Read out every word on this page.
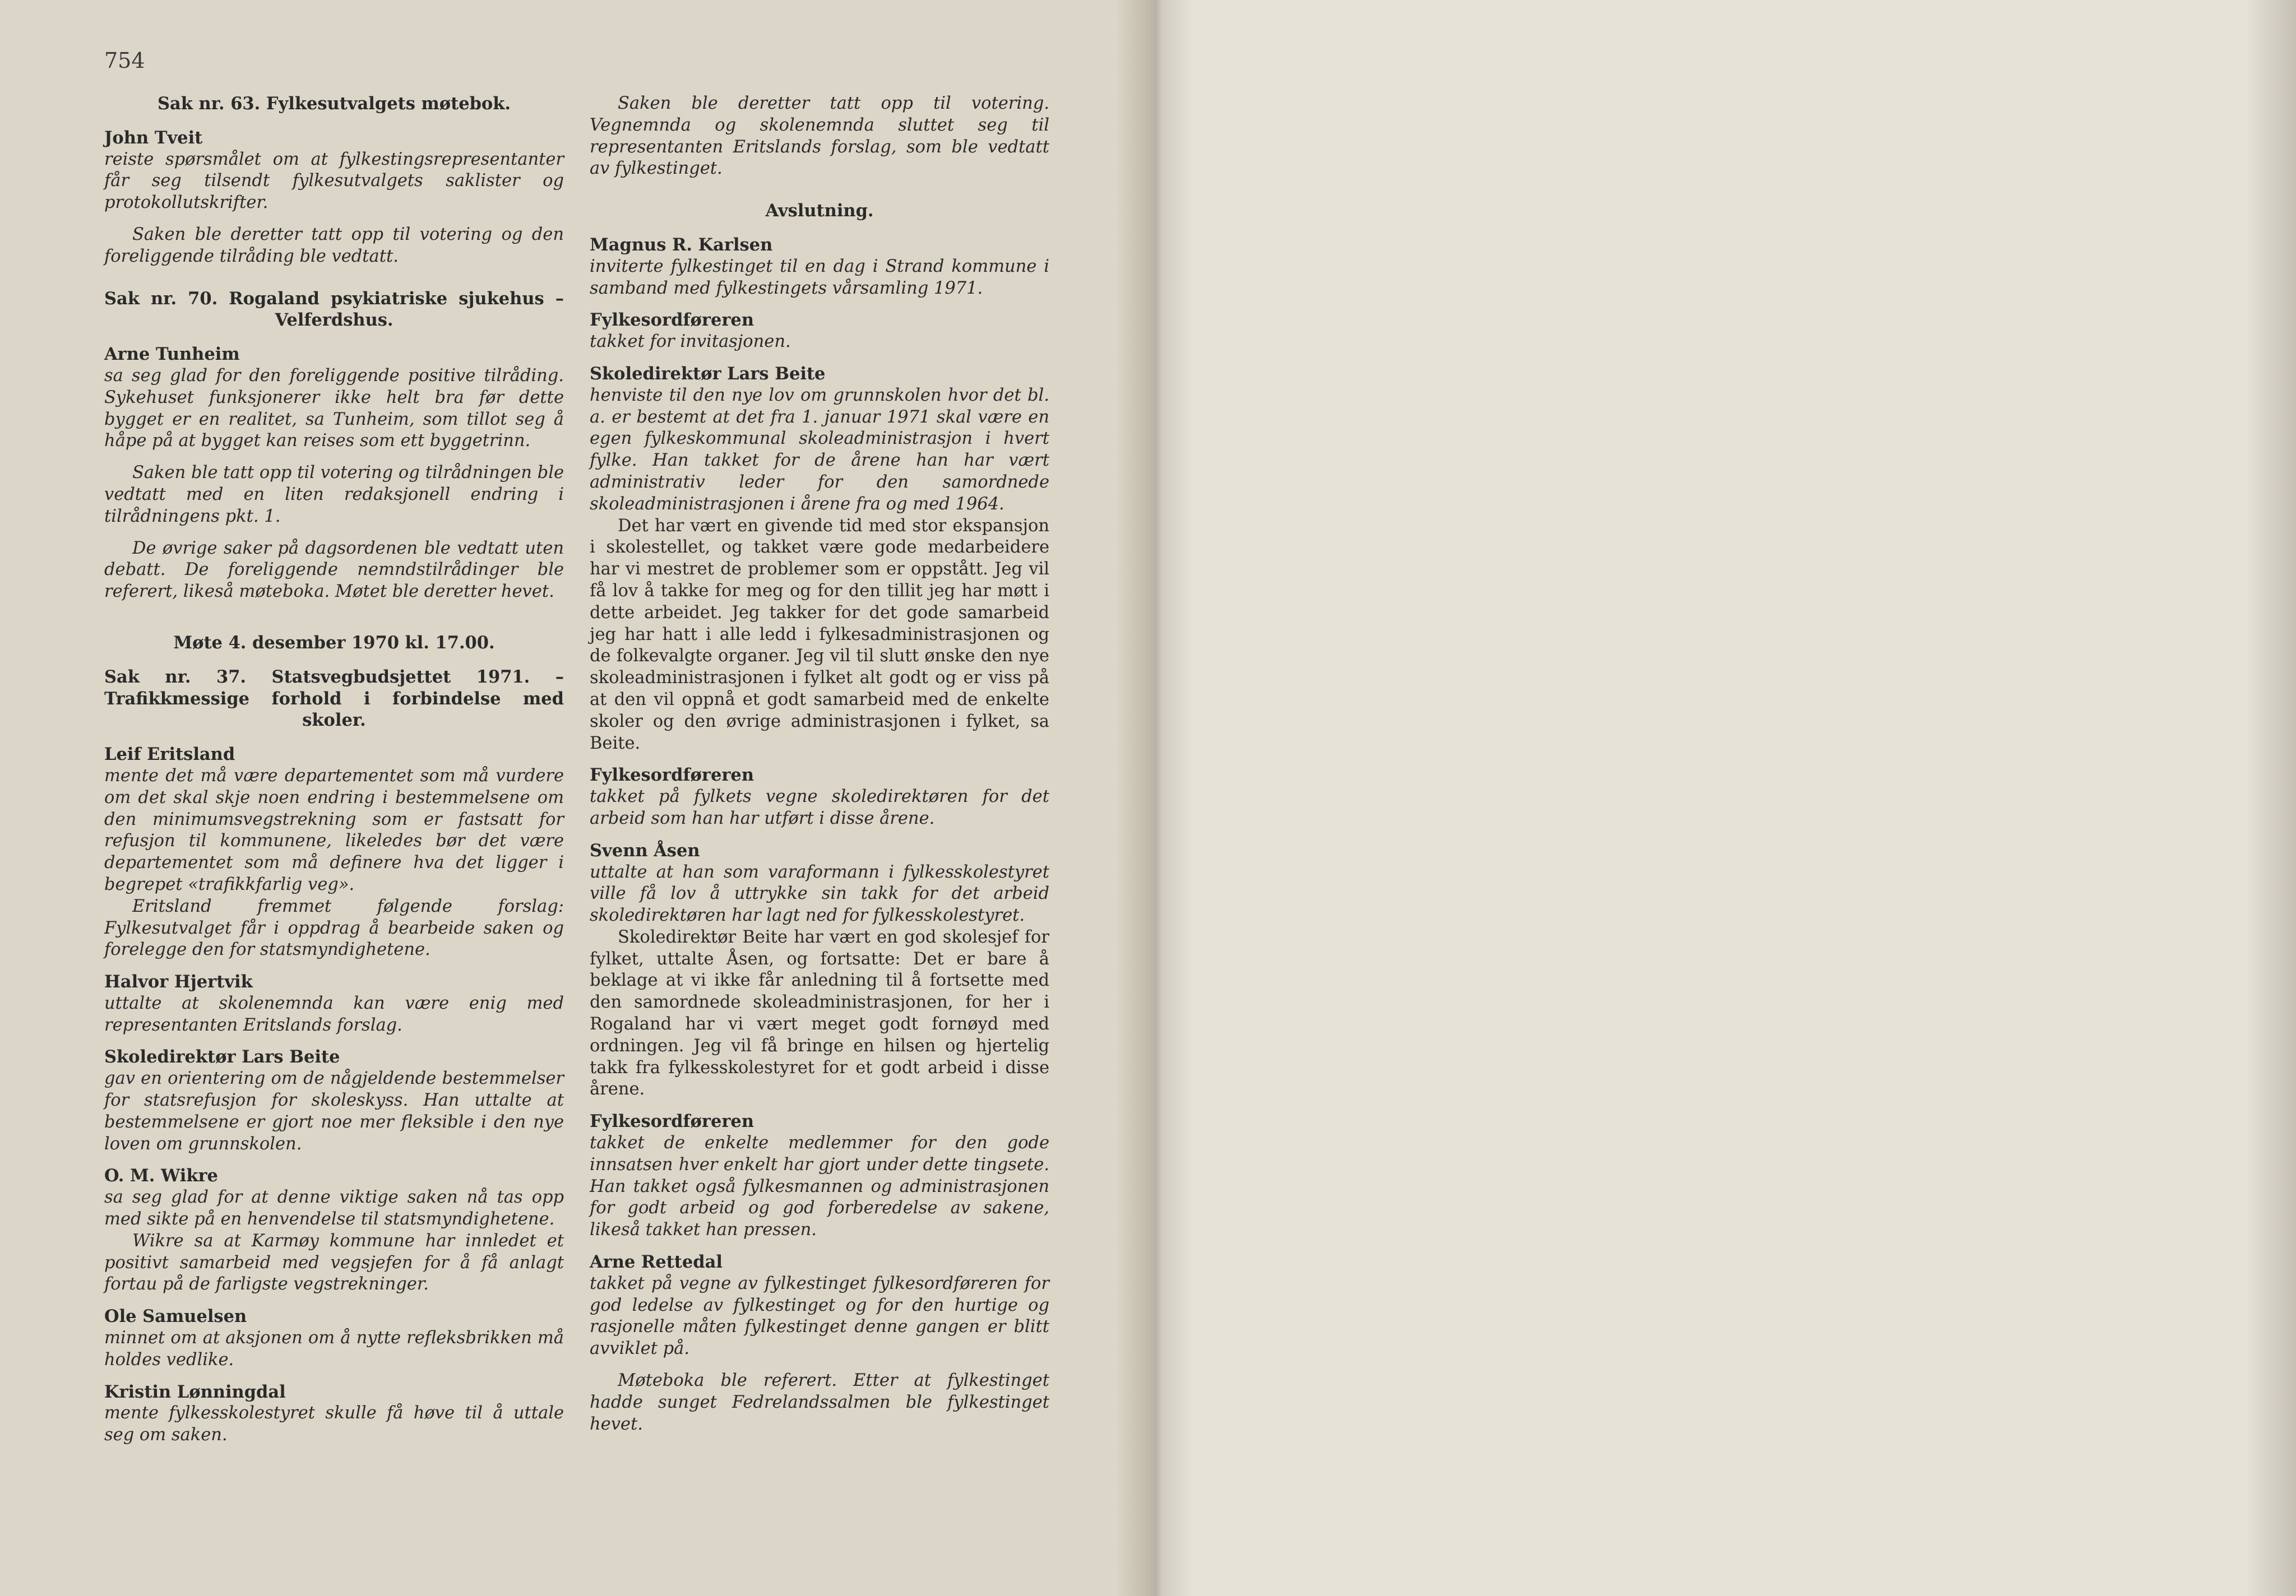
754

Sak nr. 63. Fylkesutvalgets møtebok.

John Tveit

reiste spørsmålet om at fylkestingsrepresentanter får seg tilsendt fylkesutvalgets saklister og protokollutskrifter.

Saken ble deretter tatt opp til votering og den foreliggende tilråding ble vedtatt.

Sak nr. 70. Rogaland psykiatriske sjukehus – Velferdshus.

Arne Tunheim

sa seg glad for den foreliggende positive tilråding. Sykehuset funksjonerer ikke helt bra før dette bygget er en realitet, sa Tunheim, som tillot seg å håpe på at bygget kan reises som ett byggetrinn.

Saken ble tatt opp til votering og tilrådningen ble vedtatt med en liten redaksjonell endring i tilrådningens pkt. 1.

De øvrige saker på dagsordenen ble vedtatt uten debatt. De foreliggende nemndstilrådinger ble referert, likeså møteboka. Møtet ble deretter hevet.

Møte 4. desember 1970 kl. 17.00.

Sak nr. 37. Statsvegbudsjettet 1971. – Trafikkmessige forhold i forbindelse med skoler.

Leif Eritsland

mente det må være departementet som må vurdere om det skal skje noen endring i bestemmelsene om den minimumsvegstrekning som er fastsatt for refusjon til kommunene, likeledes bør det være departementet som må definere hva det ligger i begrepet «trafikkfarlig veg».

Eritsland fremmet følgende forslag: Fylkesutvalget får i oppdrag å bearbeide saken og forelegge den for statsmyndighetene.

Halvor Hjertvik

uttalte at skolenemnda kan være enig med representanten Eritslands forslag.

Skoledirektør Lars Beite

gav en orientering om de någjeldende bestemmelser for statsrefusjon for skoleskyss. Han uttalte at bestemmelsene er gjort noe mer fleksible i den nye loven om grunnskolen.

O. M. Wikre

sa seg glad for at denne viktige saken nå tas opp med sikte på en henvendelse til statsmyndighetene.

Wikre sa at Karmøy kommune har innledet et positivt samarbeid med vegsjefen for å få anlagt fortau på de farligste vegstrekninger.

Ole Samuelsen

minnet om at aksjonen om å nytte refleksbrikken må holdes vedlike.

Kristin Lønningdal

mente fylkesskolestyret skulle få høve til å uttale seg om saken.

Saken ble deretter tatt opp til votering. Vegnemnda og skolenemnda sluttet seg til representanten Eritslands forslag, som ble vedtatt av fylkestinget.

Avslutning.

Magnus R. Karlsen

inviterte fylkestinget til en dag i Strand kommune i samband med fylkestingets vårsamling 1971.

Fylkesordføreren

takket for invitasjonen.

Skoledirektør Lars Beite

henviste til den nye lov om grunnskolen hvor det bl. a. er bestemt at det fra 1. januar 1971 skal være en egen fylkeskommunal skoleadministrasjon i hvert fylke. Han takket for de årene han har vært administrativ leder for den samordnede skoleadministrasjonen i årene fra og med 1964.

Det har vært en givende tid med stor ekspansjon i skolestellet, og takket være gode medarbeidere har vi mestret de problemer som er oppstått. Jeg vil få lov å takke for meg og for den tillit jeg har møtt i dette arbeidet. Jeg takker for det gode samarbeid jeg har hatt i alle ledd i fylkesadministrasjonen og de folkevalgte organer. Jeg vil til slutt ønske den nye skoleadministrasjonen i fylket alt godt og er viss på at den vil oppnå et godt samarbeid med de enkelte skoler og den øvrige administrasjonen i fylket, sa Beite.

Fylkesordføreren

takket på fylkets vegne skoledirektøren for det arbeid som han har utført i disse årene.

Svenn Åsen

uttalte at han som varaformann i fylkesskolestyret ville få lov å uttrykke sin takk for det arbeid skoledirektøren har lagt ned for fylkesskolestyret.

Skoledirektør Beite har vært en god skolesjef for fylket, uttalte Åsen, og fortsatte: Det er bare å beklage at vi ikke får anledning til å fortsette med den samordnede skoleadministrasjonen, for her i Rogaland har vi vært meget godt fornøyd med ordningen. Jeg vil få bringe en hilsen og hjertelig takk fra fylkesskolestyret for et godt arbeid i disse årene.

Fylkesordføreren

takket de enkelte medlemmer for den gode innsatsen hver enkelt har gjort under dette tingsete. Han takket også fylkesmannen og administrasjonen for godt arbeid og god forberedelse av sakene, likeså takket han pressen.

Arne Rettedal

takket på vegne av fylkestinget fylkesordføreren for god ledelse av fylkestinget og for den hurtige og rasjonelle måten fylkestinget denne gangen er blitt avviklet på.

Møteboka ble referert. Etter at fylkestinget hadde sunget Fedrelandssalmen ble fylkestinget hevet.
